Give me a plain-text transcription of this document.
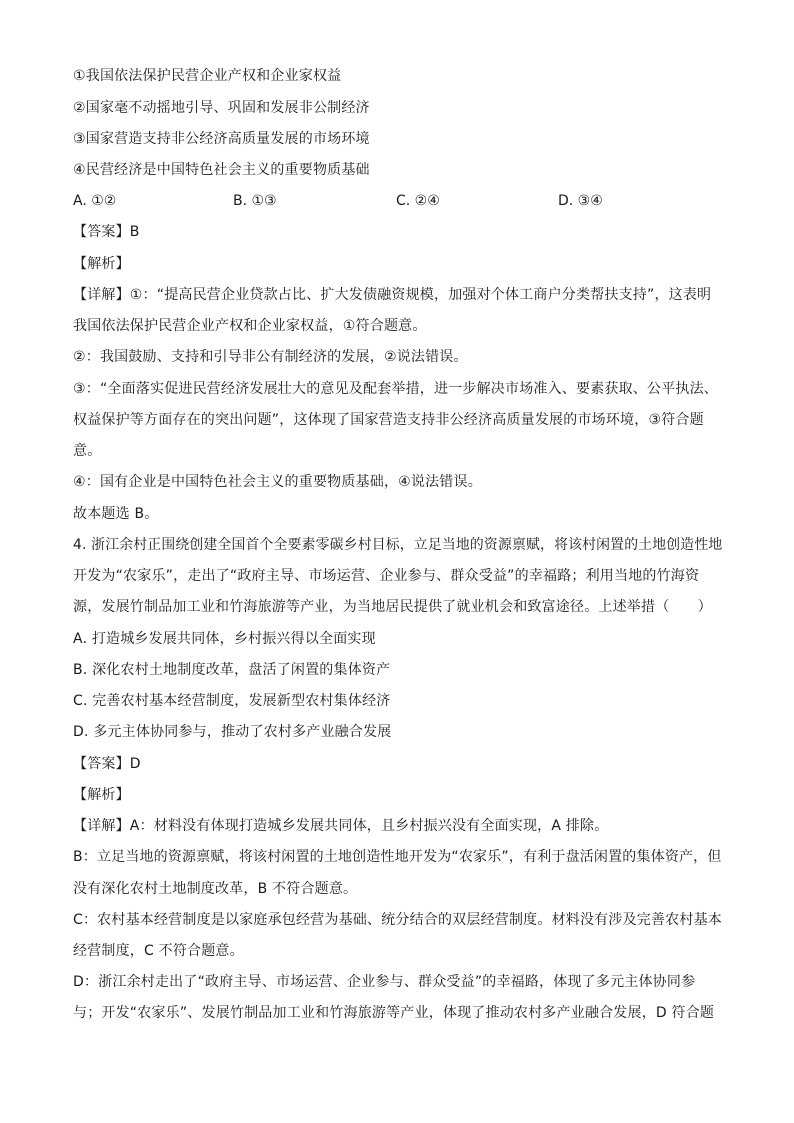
①我国依法保护民营企业产权和企业家权益
②国家毫不动摇地引导、巩固和发展非公制经济
③国家营造支持非公经济高质量发展的市场环境
④民营经济是中国特色社会主义的重要物质基础
A. ①②	B. ①③	C. ②④	D. ③④
【答案】B
【解析】
【详解】①：“提高民营企业贷款占比、扩大发债融资规模，加强对个体工商户分类帮扶支持”，这表明
我国依法保护民营企业产权和企业家权益，①符合题意。
②：我国鼓励、支持和引导非公有制经济的发展，②说法错误。
③：“全面落实促进民营经济发展壮大的意见及配套举措，进一步解决市场准入、要素获取、公平执法、
权益保护等方面存在的突出问题”，这体现了国家营造支持非公经济高质量发展的市场环境，③符合题
意。
④：国有企业是中国特色社会主义的重要物质基础，④说法错误。
故本题选 B。
4. 浙江余村正围绕创建全国首个全要素零碳乡村目标，立足当地的资源禀赋，将该村闲置的土地创造性地
开发为“农家乐”，走出了“政府主导、市场运营、企业参与、群众受益”的幸福路；利用当地的竹海资
源，发展竹制品加工业和竹海旅游等产业，为当地居民提供了就业机会和致富途径。上述举措（　　）
A. 打造城乡发展共同体，乡村振兴得以全面实现
B. 深化农村土地制度改革，盘活了闲置的集体资产
C. 完善农村基本经营制度，发展新型农村集体经济
D. 多元主体协同参与，推动了农村多产业融合发展
【答案】D
【解析】
【详解】A：材料没有体现打造城乡发展共同体，且乡村振兴没有全面实现，A 排除。
B：立足当地的资源禀赋，将该村闲置的土地创造性地开发为“农家乐”，有利于盘活闲置的集体资产，但
没有深化农村土地制度改革，B 不符合题意。
C：农村基本经营制度是以家庭承包经营为基础、统分结合的双层经营制度。材料没有涉及完善农村基本
经营制度，C 不符合题意。
D：浙江余村走出了“政府主导、市场运营、企业参与、群众受益”的幸福路，体现了多元主体协同参
与；开发“农家乐”、发展竹制品加工业和竹海旅游等产业，体现了推动农村多产业融合发展，D 符合题
